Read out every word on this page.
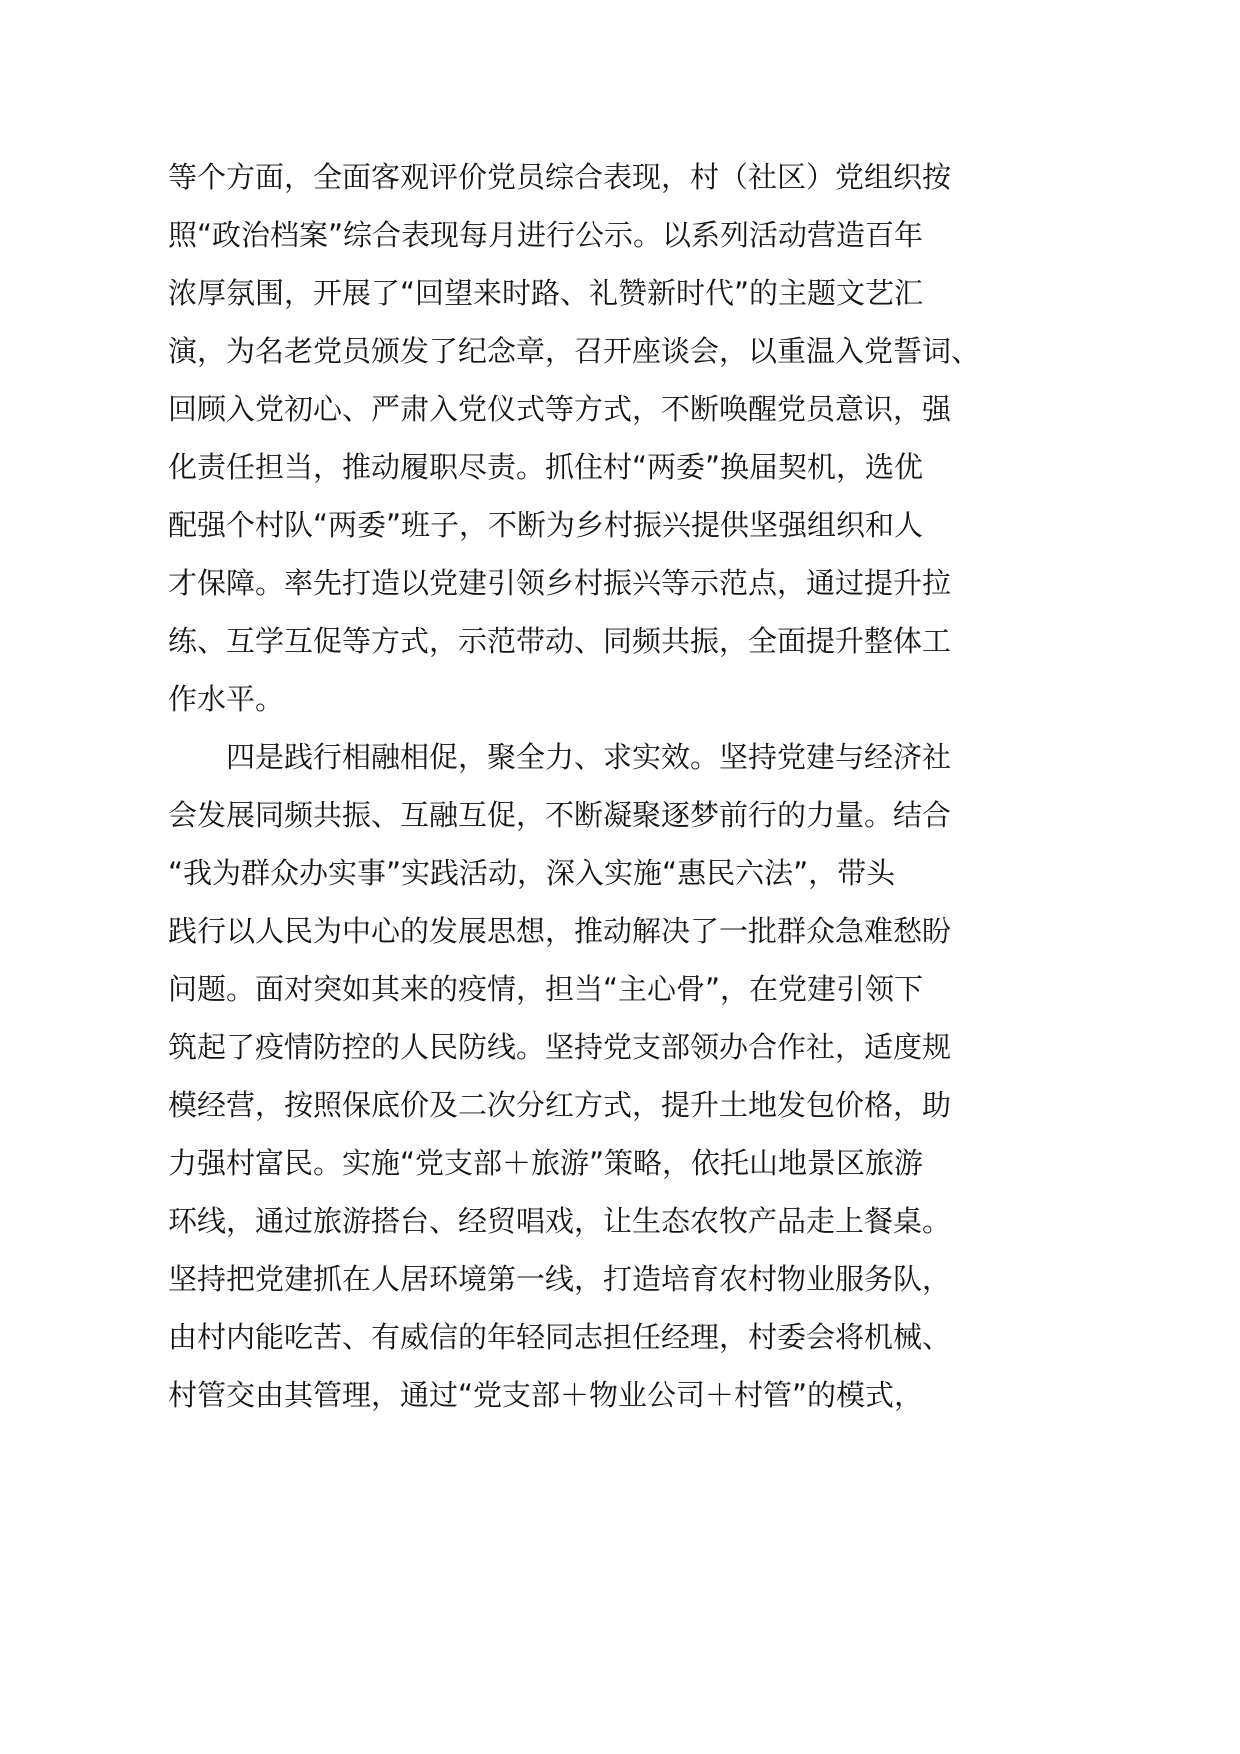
等个方面，全面客观评价党员综合表现，村（社区）党组织按
照“政治档案”综合表现每月进行公示。以系列活动营造百年
浓厚氛围，开展了“回望来时路、礼赞新时代”的主题文艺汇
演，为名老党员颁发了纪念章，召开座谈会，以重温入党誓词、
回顾入党初心、严肃入党仪式等方式，不断唤醒党员意识，强
化责任担当，推动履职尽责。抓住村“两委”换届契机，选优
配强个村队“两委”班子，不断为乡村振兴提供坚强组织和人
才保障。率先打造以党建引领乡村振兴等示范点，通过提升拉
练、互学互促等方式，示范带动、同频共振，全面提升整体工
作水平。
四是践行相融相促，聚全力、求实效。坚持党建与经济社
会发展同频共振、互融互促，不断凝聚逐梦前行的力量。结合
“我为群众办实事”实践活动，深入实施“惠民六法”，带头
践行以人民为中心的发展思想，推动解决了一批群众急难愁盼
问题。面对突如其来的疫情，担当“主心骨”，在党建引领下
筑起了疫情防控的人民防线。坚持党支部领办合作社，适度规
模经营，按照保底价及二次分红方式，提升土地发包价格，助
力强村富民。实施“党支部＋旅游”策略，依托山地景区旅游
环线，通过旅游搭台、经贸唱戏，让生态农牧产品走上餐桌。
坚持把党建抓在人居环境第一线，打造培育农村物业服务队，
由村内能吃苦、有威信的年轻同志担任经理，村委会将机械、
村管交由其管理，通过“党支部＋物业公司＋村管”的模式，
